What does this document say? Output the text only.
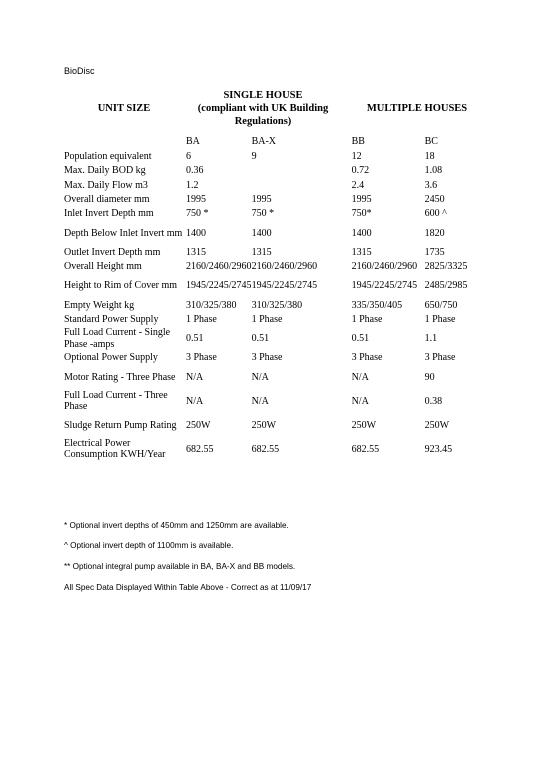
BioDisc
UNIT SIZE
SINGLE HOUSE
(compliant with UK Building
Regulations)
MULTIPLE HOUSES
	BA	BA-X	BB	BC
Population equivalent	6	9	12	18
Max. Daily BOD kg	0.36		0.72	1.08
Max. Daily Flow m3	1.2		2.4	3.6
Overall diameter mm	1995	1995	1995	2450
Inlet Invert Depth mm	750 *	750 *	750*	600 ^
Depth Below Inlet Invert mm	1400	1400	1400	1820
Outlet Invert Depth mm	1315	1315	1315	1735
Overall Height mm	2160/2460/2960	2160/2460/2960	2160/2460/2960	2825/3325
Height to Rim of Cover mm	1945/2245/2745	1945/2245/2745	1945/2245/2745	2485/2985
Empty Weight kg	310/325/380	310/325/380	335/350/405	650/750
Standard Power Supply	1 Phase	1 Phase	1 Phase	1 Phase
Full Load Current - Single Phase -amps	0.51	0.51	0.51	1.1
Optional Power Supply	3 Phase	3 Phase	3 Phase	3 Phase
Motor Rating - Three Phase	N/A	N/A	N/A	90
Full Load Current - Three Phase	N/A	N/A	N/A	0.38
Sludge Return Pump Rating	250W	250W	250W	250W
Electrical Power Consumption KWH/Year	682.55	682.55	682.55	923.45
* Optional invert depths of 450mm and 1250mm are available.
^ Optional invert depth of 1100mm is available.
** Optional integral pump available in BA, BA-X and BB models.
All Spec Data Displayed Within Table Above - Correct as at 11/09/17
